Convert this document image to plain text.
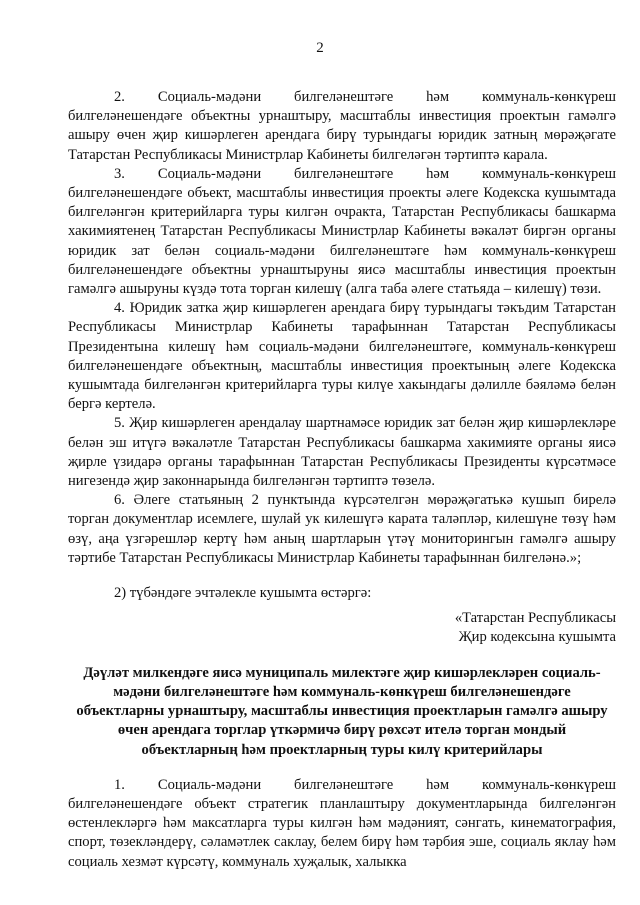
2

2. Социаль-мәдәни билгеләнештәге һәм коммуналь-көнкүреш билгеләнешендәге объектны урнаштыру, масштаблы инвестиция проектын гамәлгә ашыру өчен җир кишәрлеген арендага бирү турындагы юридик затның мөрәҗәгате Татарстан Республикасы Министрлар Кабинеты билгеләгән тәртиптә карала.

3. Социаль-мәдәни билгеләнештәге һәм коммуналь-көнкүреш билгеләнешендәге объект, масштаблы инвестиция проекты әлеге Кодекска кушымтада билгеләнгән критерийларга туры килгән очракта, Татарстан Республикасы башкарма хакимиятенең Татарстан Республикасы Министрлар Кабинеты вәкаләт биргән органы юридик зат белән социаль-мәдәни билгеләнештәге һәм коммуналь-көнкүреш билгеләнешендәге объектны урнаштыруны яисә масштаблы инвестиция проектын гамәлгә ашыруны күздә тота торган килешү (алга таба әлеге статьяда – килешү) төзи.

4. Юридик затка җир кишәрлеген арендага бирү турындагы тәкъдим Татарстан Республикасы Министрлар Кабинеты тарафыннан Татарстан Республикасы Президентына килешү һәм социаль-мәдәни билгеләнештәге, коммуналь-көнкүреш билгеләнешендәге объектның, масштаблы инвестиция проектының әлеге Кодекска кушымтада билгеләнгән критерийларга туры килүе хакындагы дәлилле бәяләмә белән бергә кертелә.

5. Җир кишәрлеген арендалау шартнамәсе юридик зат белән җир кишәрлекләре белән эш итүгә вәкаләтле Татарстан Республикасы башкарма хакимияте органы яисә җирле үзидарә органы тарафыннан Татарстан Республикасы Президенты күрсәтмәсе нигезендә җир законнарында билгеләнгән тәртиптә төзелә.

6. Әлеге статьяның 2 пунктында күрсәтелгән мөрәҗәгатькә кушып бирелә торган документлар исемлеге, шулай ук килешүгә карата таләпләр, килешүне төзү һәм өзү, аңа үзгәрешләр кертү һәм аның шартларын үтәү мониторингын гамәлгә ашыру тәртибе Татарстан Республикасы Министрлар Кабинеты тарафыннан билгеләнә.»;

2) түбәндәге эчтәлекле кушымта өстәргә:

«Татарстан Республикасы

Җир кодексына кушымта

Дәүләт милкендәге яисә муниципаль милектәге җир кишәрлекләрен социаль-мәдәни билгеләнештәге һәм коммуналь-көнкүреш билгеләнешендәге объектларны урнаштыру, масштаблы инвестиция проектларын гамәлгә ашыру өчен арендага торглар үткәрмичә бирү рөхсәт ителә торган мондый объектларның һәм проектларның туры килү критерийлары

1. Социаль-мәдәни билгеләнештәге һәм коммуналь-көнкүреш билгеләнешендәге объект стратегик планлаштыру документларында билгеләнгән өстенлекләргә һәм максатларга туры килгән һәм мәдәният, сәнгать, кинематография, спорт, төзекләндерү, сәламәтлек саклау, белем бирү һәм тәрбия эше, социаль яклау һәм социаль хезмәт күрсәтү, коммуналь хуҗалык, халыкка
